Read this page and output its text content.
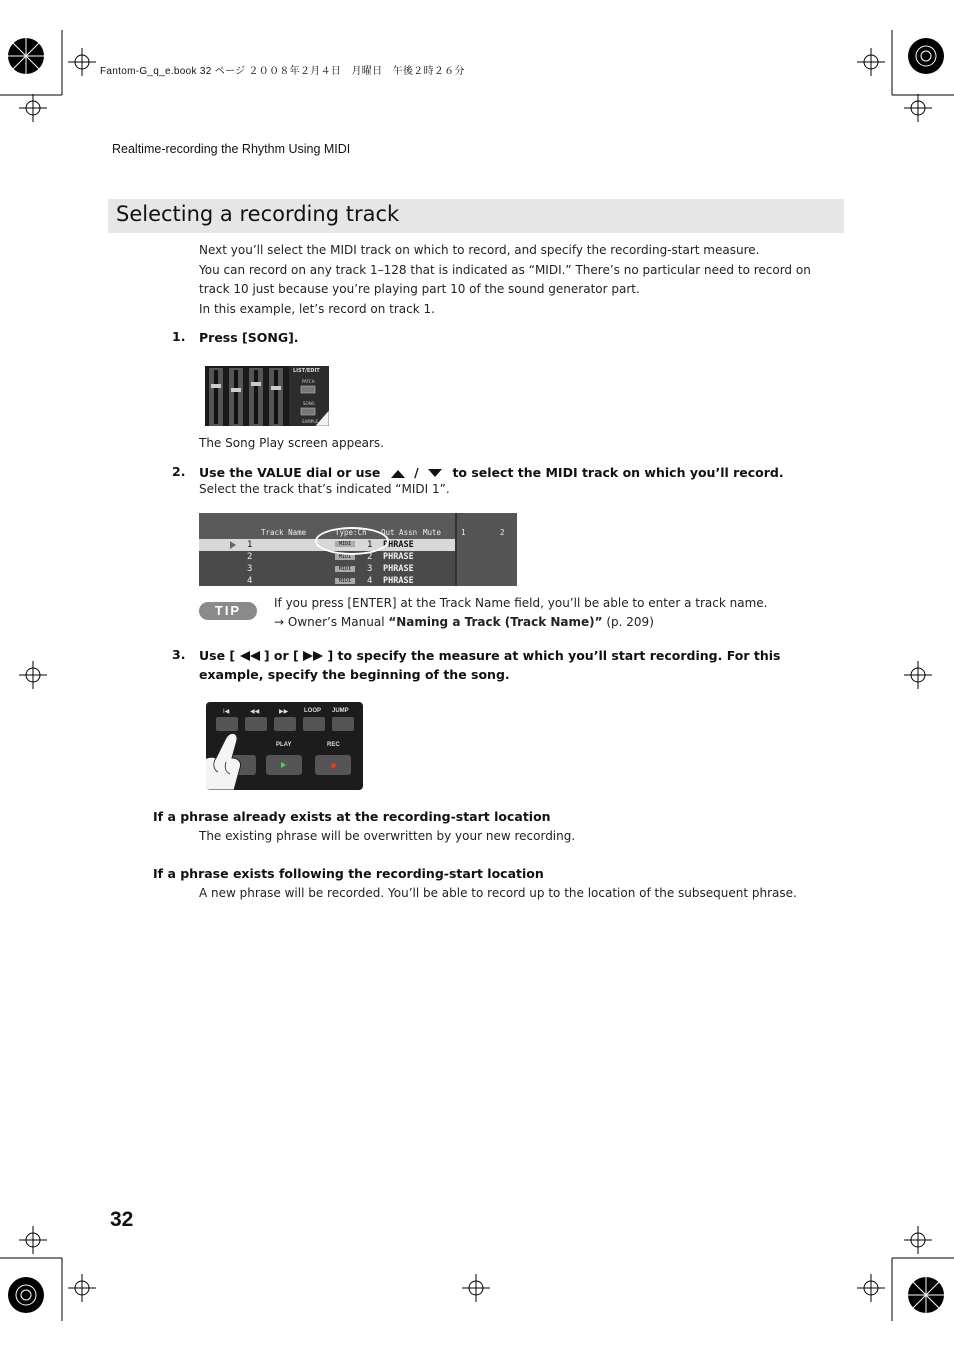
Fantom-G_q_e.book 32 ページ ２００８年２月４日　月曜日　午後２時２６分
Realtime-recording the Rhythm Using MIDI
Selecting a recording track
Next you’ll select the MIDI track on which to record, and specify the recording-start measure.
You can record on any track 1–128 that is indicated as “MIDI.” There’s no particular need to record on
track 10 just because you’re playing part 10 of the sound generator part.
In this example, let’s record on track 1.
1. Press [SONG].
LIST/EDIT
PATCH
SONG
SAMPLE
The Song Play screen appears.
2. Use the VALUE dial or use	/	to select the MIDI track on which you’ll record.
Select the track that’s indicated “MIDI 1”.
Track Name	Type:Ch Out Assn Mute	1	2
1	MIDI	1 PHRASE
2	MIDI	2 PHRASE
3	MIDI	3 PHRASE
4	MIDI	4 PHRASE
TIP	If you press [ENTER] at the Track Name field, you’ll be able to enter a track name.
→ Owner’s Manual “Naming a Track (Track Name)” (p. 209)
3. Use [ ] or [ ] to specify the measure at which you’ll start recording. For this
example, specify the beginning of the song.
I◀	◀◀	▶▶	LOOP JUMP
PLAY	REC
If a phrase already exists at the recording-start location
The existing phrase will be overwritten by your new recording.
If a phrase exists following the recording-start location
A new phrase will be recorded. You’ll be able to record up to the location of the subsequent phrase.
32
